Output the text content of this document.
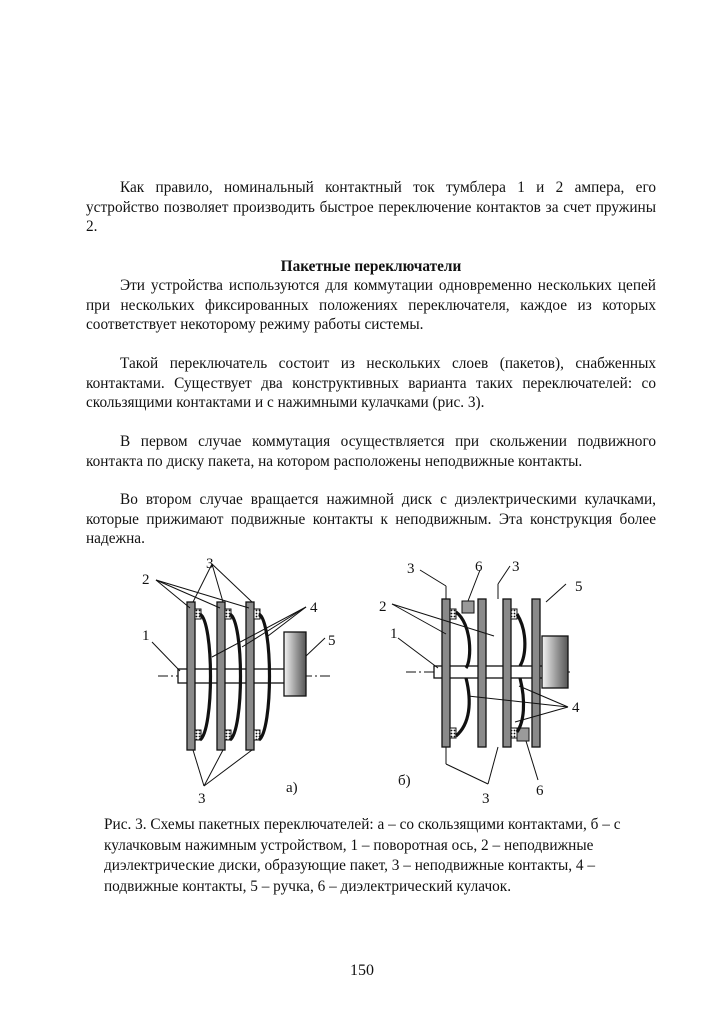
Как правило, номинальный контактный ток тумблера 1 и 2 ампера, его устройство позволяет производить быстрое переключение контактов за счет пружины 2.

Пакетные переключатели

Эти устройства используются для коммутации одновременно нескольких цепей при нескольких фиксированных положениях переключателя, каждое из которых соответствует некоторому режиму работы системы.

Такой переключатель состоит из нескольких слоев (пакетов), снабженных контактами. Существует два конструктивных варианта таких переключателей: со скользящими контактами и с нажимными кулачками (рис. 3).

В первом случае коммутация осуществляется при скольжении подвижного контакта по диску пакета, на котором расположены неподвижные контакты.

Во втором случае вращается нажимной диск с диэлектрическими кулачками, которые прижимают подвижные контакты к неподвижным. Эта конструкция более надежна.

3
2
4
1	5
3
а)
3	6 3
5
2
1
4
б)
6
3

Рис. 3. Схемы пакетных переключателей: а – со скользящими контактами, б – с кулачковым нажимным устройством, 1 – поворотная ось, 2 – неподвижные диэлектрические диски, образующие пакет, 3 – неподвижные контакты, 4 – подвижные контакты, 5 – ручка, 6 – диэлектрический кулачок.

150
